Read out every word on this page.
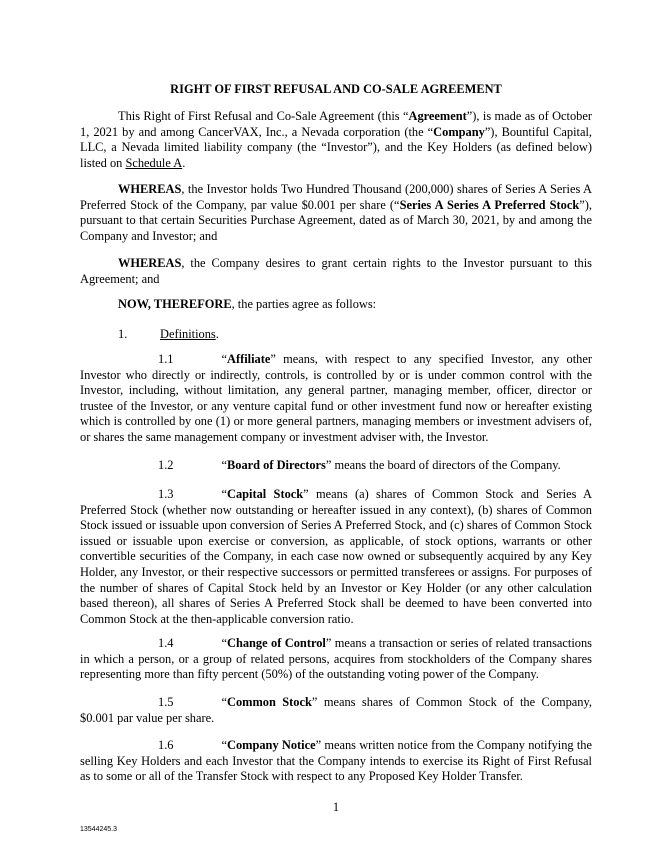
RIGHT OF FIRST REFUSAL AND CO-SALE AGREEMENT

This Right of First Refusal and Co-Sale Agreement (this “Agreement”), is made as of October 1, 2021 by and among CancerVAX, Inc., a Nevada corporation (the “Company”), Bountiful Capital, LLC, a Nevada limited liability company (the “Investor”), and the Key Holders (as defined below) listed on Schedule A.

WHEREAS, the Investor holds Two Hundred Thousand (200,000) shares of Series A Series A Preferred Stock of the Company, par value $0.001 per share (“Series A Series A Preferred Stock”), pursuant to that certain Securities Purchase Agreement, dated as of March 30, 2021, by and among the Company and Investor; and

WHEREAS, the Company desires to grant certain rights to the Investor pursuant to this Agreement; and

NOW, THEREFORE, the parties agree as follows:

1.	Definitions.

1.1	“Affiliate” means, with respect to any specified Investor, any other Investor who directly or indirectly, controls, is controlled by or is under common control with the Investor, including, without limitation, any general partner, managing member, officer, director or trustee of the Investor, or any venture capital fund or other investment fund now or hereafter existing which is controlled by one (1) or more general partners, managing members or investment advisers of, or shares the same management company or investment adviser with, the Investor.

1.2	“Board of Directors” means the board of directors of the Company.

1.3	“Capital Stock” means (a) shares of Common Stock and Series A Preferred Stock (whether now outstanding or hereafter issued in any context), (b) shares of Common Stock issued or issuable upon conversion of Series A Preferred Stock, and (c) shares of Common Stock issued or issuable upon exercise or conversion, as applicable, of stock options, warrants or other convertible securities of the Company, in each case now owned or subsequently acquired by any Key Holder, any Investor, or their respective successors or permitted transferees or assigns. For purposes of the number of shares of Capital Stock held by an Investor or Key Holder (or any other calculation based thereon), all shares of Series A Preferred Stock shall be deemed to have been converted into Common Stock at the then-applicable conversion ratio.

1.4	“Change of Control” means a transaction or series of related transactions in which a person, or a group of related persons, acquires from stockholders of the Company shares representing more than fifty percent (50%) of the outstanding voting power of the Company.

1.5	“Common Stock” means shares of Common Stock of the Company, $0.001 par value per share.

1.6	“Company Notice” means written notice from the Company notifying the selling Key Holders and each Investor that the Company intends to exercise its Right of First Refusal as to some or all of the Transfer Stock with respect to any Proposed Key Holder Transfer.

1
13544245.3
